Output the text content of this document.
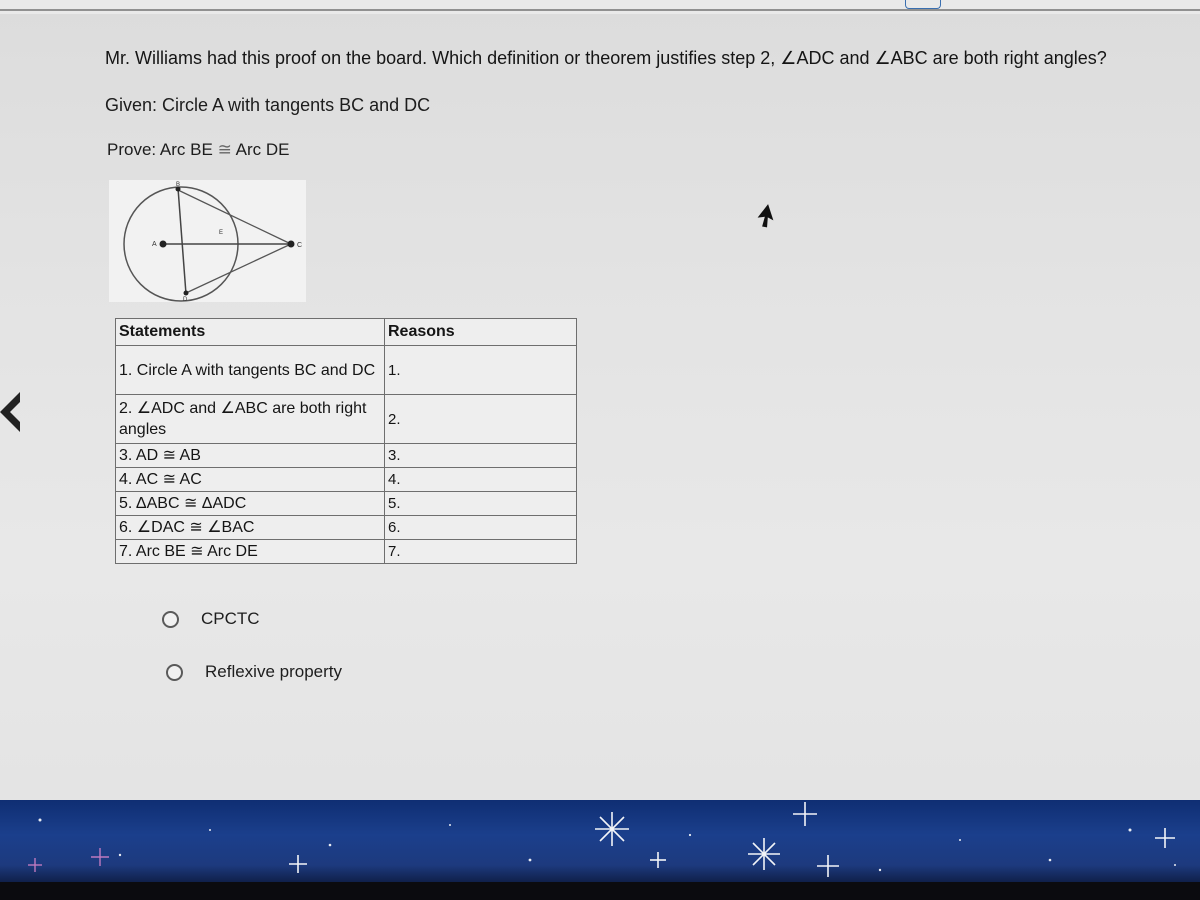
Mr. Williams had this proof on the board. Which definition or theorem justifies step 2, ∠ADC and ∠ABC are both right angles?
Given: Circle A with tangents BC and DC
Prove: Arc BE ≅ Arc DE
A	C
B
D
E
Statements	Reasons
1. Circle A with tangents BC and DC	1.
2. ∠ADC and ∠ABC are both right angles	2.
3. AD ≅ AB	3.
4. AC ≅ AC	4.
5. ΔABC ≅ ΔADC	5.
6. ∠DAC ≅ ∠BAC	6.
7. Arc BE ≅ Arc DE	7.
CPCTC
Reflexive property
